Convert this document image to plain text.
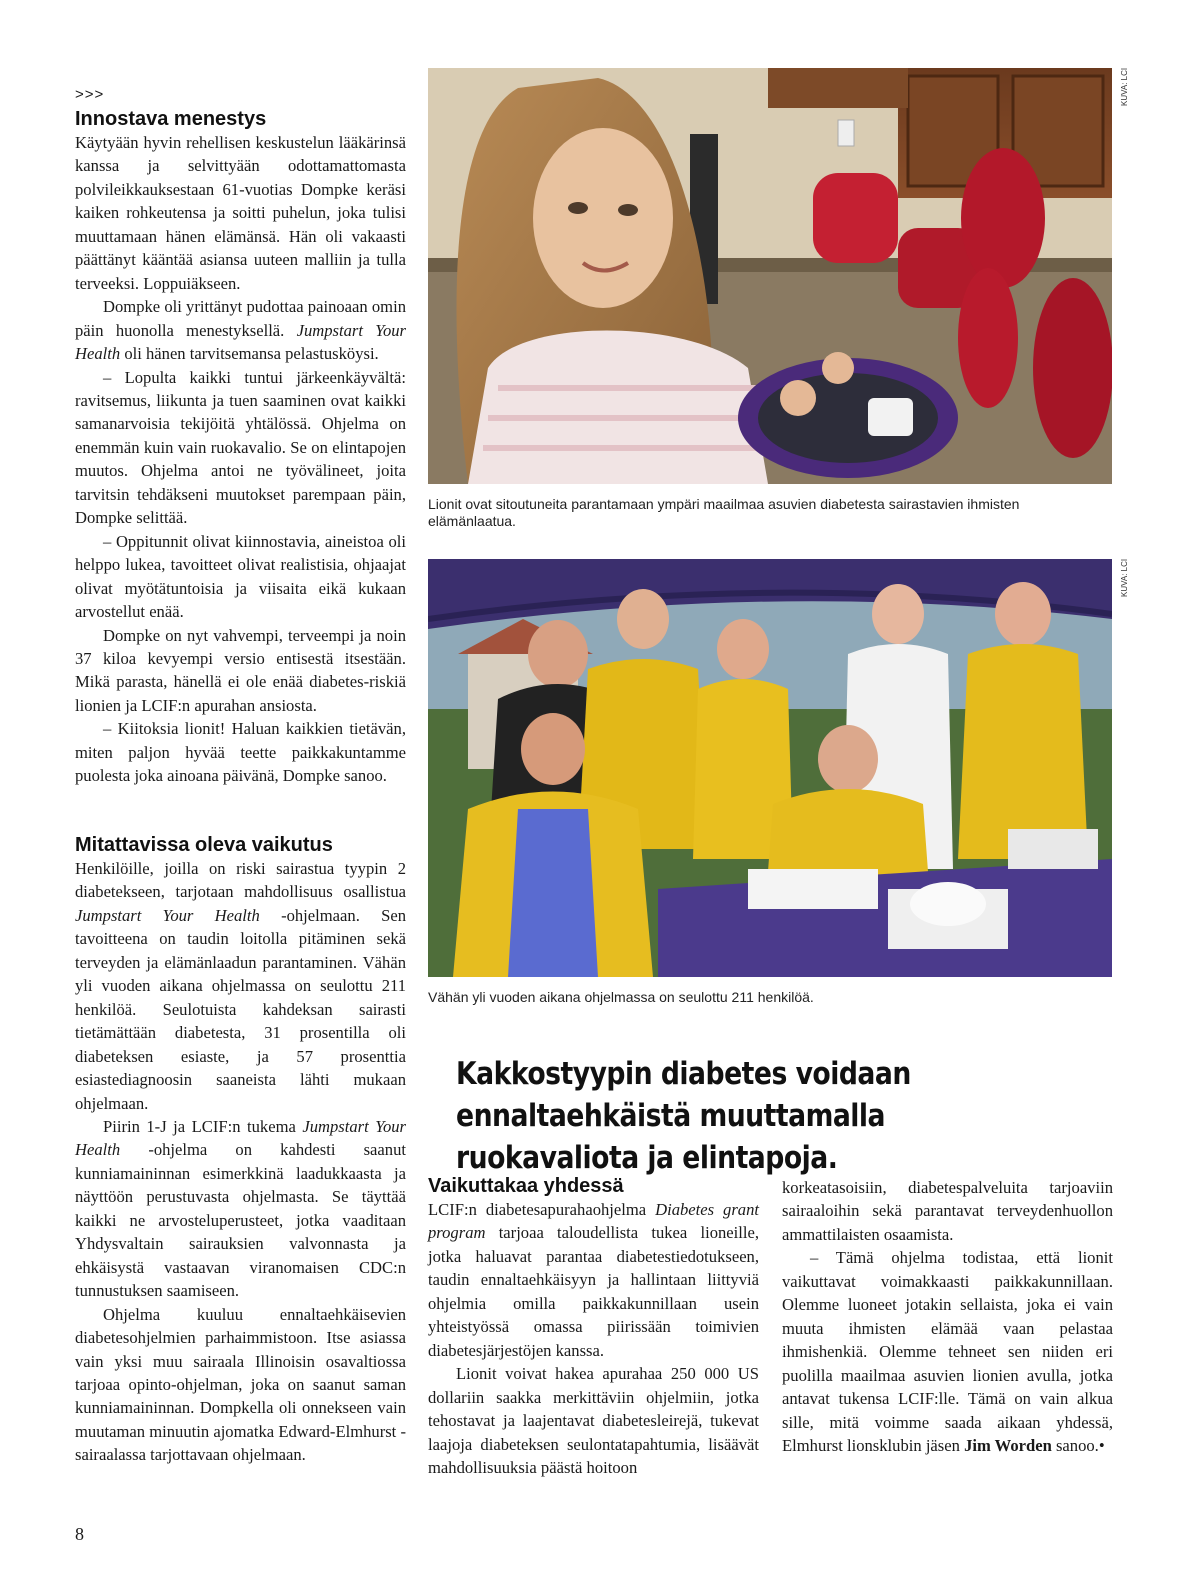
>>>
Innostava menestys

Käytyään hyvin rehellisen keskustelun lääkärinsä kanssa ja selvittyään odottamattomasta polvileikkauksestaan 61-vuotias Dompke keräsi kaiken rohkeutensa ja soitti puhelun, joka tulisi muuttamaan hänen elämänsä. Hän oli vakaasti päättänyt kääntää asiansa uuteen malliin ja tulla terveeksi. Loppuiäkseen.

Dompke oli yrittänyt pudottaa painoaan omin päin huonolla menestyksellä. Jumpstart Your Health oli hänen tarvitsemansa pelastusköysi.

– Lopulta kaikki tuntui järkeenkäyvältä: ravitsemus, liikunta ja tuen saaminen ovat kaikki samanarvoisia tekijöitä yhtälössä. Ohjelma on enemmän kuin vain ruokavalio. Se on elintapojen muutos. Ohjelma antoi ne työvälineet, joita tarvitsin tehdäkseni muutokset parempaan päin, Dompke selittää.

– Oppitunnit olivat kiinnostavia, aineistoa oli helppo lukea, tavoitteet olivat realistisia, ohjaajat olivat myötätuntoisia ja viisaita eikä kukaan arvostellut enää.

Dompke on nyt vahvempi, terveempi ja noin 37 kiloa kevyempi versio entisestä itsestään. Mikä parasta, hänellä ei ole enää diabetes-riskiä lionien ja LCIF:n apurahan ansiosta.

– Kiitoksia lionit! Haluan kaikkien tietävän, miten paljon hyvää teette paikkakuntamme puolesta joka ainoana päivänä, Dompke sanoo.

Mitattavissa oleva vaikutus

Henkilöille, joilla on riski sairastua tyypin 2 diabetekseen, tarjotaan mahdollisuus osallistua Jumpstart Your Health -ohjelmaan. Sen tavoitteena on taudin loitolla pitäminen sekä terveyden ja elämänlaadun parantaminen. Vähän yli vuoden aikana ohjelmassa on seulottu 211 henkilöä. Seulotuista kahdeksan sairasti tietämättään diabetesta, 31 prosentilla oli diabeteksen esiaste, ja 57 prosenttia esiastediagnoosin saaneista lähti mukaan ohjelmaan.

Piirin 1-J ja LCIF:n tukema Jumpstart Your Health -ohjelma on kahdesti saanut kunniamaininnan esimerkkinä laadukkaasta ja näyttöön perustuvasta ohjelmasta. Se täyttää kaikki ne arvosteluperusteet, jotka vaaditaan Yhdysvaltain sairauksien valvonnasta ja ehkäisystä vastaavan viranomaisen CDC:n tunnustuksen saamiseen.

Ohjelma kuuluu ennaltaehkäisevien diabetesohjelmien parhaimmistoon. Itse asiassa vain yksi muu sairaala Illinoisin osavaltiossa tarjoaa opinto-ohjelman, joka on saanut saman kunniamaininnan. Dompkella oli onnekseen vain muutaman minuutin ajomatka Edward-Elmhurst -sairaalassa tarjottavaan ohjelmaan.

KUVA: LCI
Lionit ovat sitoutuneita parantamaan ympäri maailmaa asuvien diabetesta sairastavien ihmisten elämänlaatua.
KUVA: LCI
Vähän yli vuoden aikana ohjelmassa on seulottu 211 henkilöä.
Kakkostyypin diabetes voidaan ennaltaehkäistä muuttamalla ruokavaliota ja elintapoja.
Vaikuttakaa yhdessä

LCIF:n diabetesapurahaohjelma Diabetes grant program tarjoaa taloudellista tukea lioneille, jotka haluavat parantaa diabetestiedotukseen, taudin ennaltaehkäisyyn ja hallintaan liittyviä ohjelmia omilla paikkakunnillaan usein yhteistyössä omassa piirissään toimivien diabetesjärjestöjen kanssa.

Lionit voivat hakea apurahaa 250 000 US dollariin saakka merkittäviin ohjelmiin, jotka tehostavat ja laajentavat diabetesleirejä, tukevat laajoja diabeteksen seulontatapahtumia, lisäävät mahdollisuuksia päästä hoitoon

korkeatasoisiin, diabetespalveluita tarjoaviin sairaaloihin sekä parantavat terveydenhuollon ammattilaisten osaamista.

– Tämä ohjelma todistaa, että lionit vaikuttavat voimakkaasti paikkakunnillaan. Olemme luoneet jotakin sellaista, joka ei vain muuta ihmisten elämää vaan pelastaa ihmishenkiä. Olemme tehneet sen niiden eri puolilla maailmaa asuvien lionien avulla, jotka antavat tukensa LCIF:lle. Tämä on vain alkua sille, mitä voimme saada aikaan yhdessä, Elmhurst lionsklubin jäsen Jim Worden sanoo.•

8
